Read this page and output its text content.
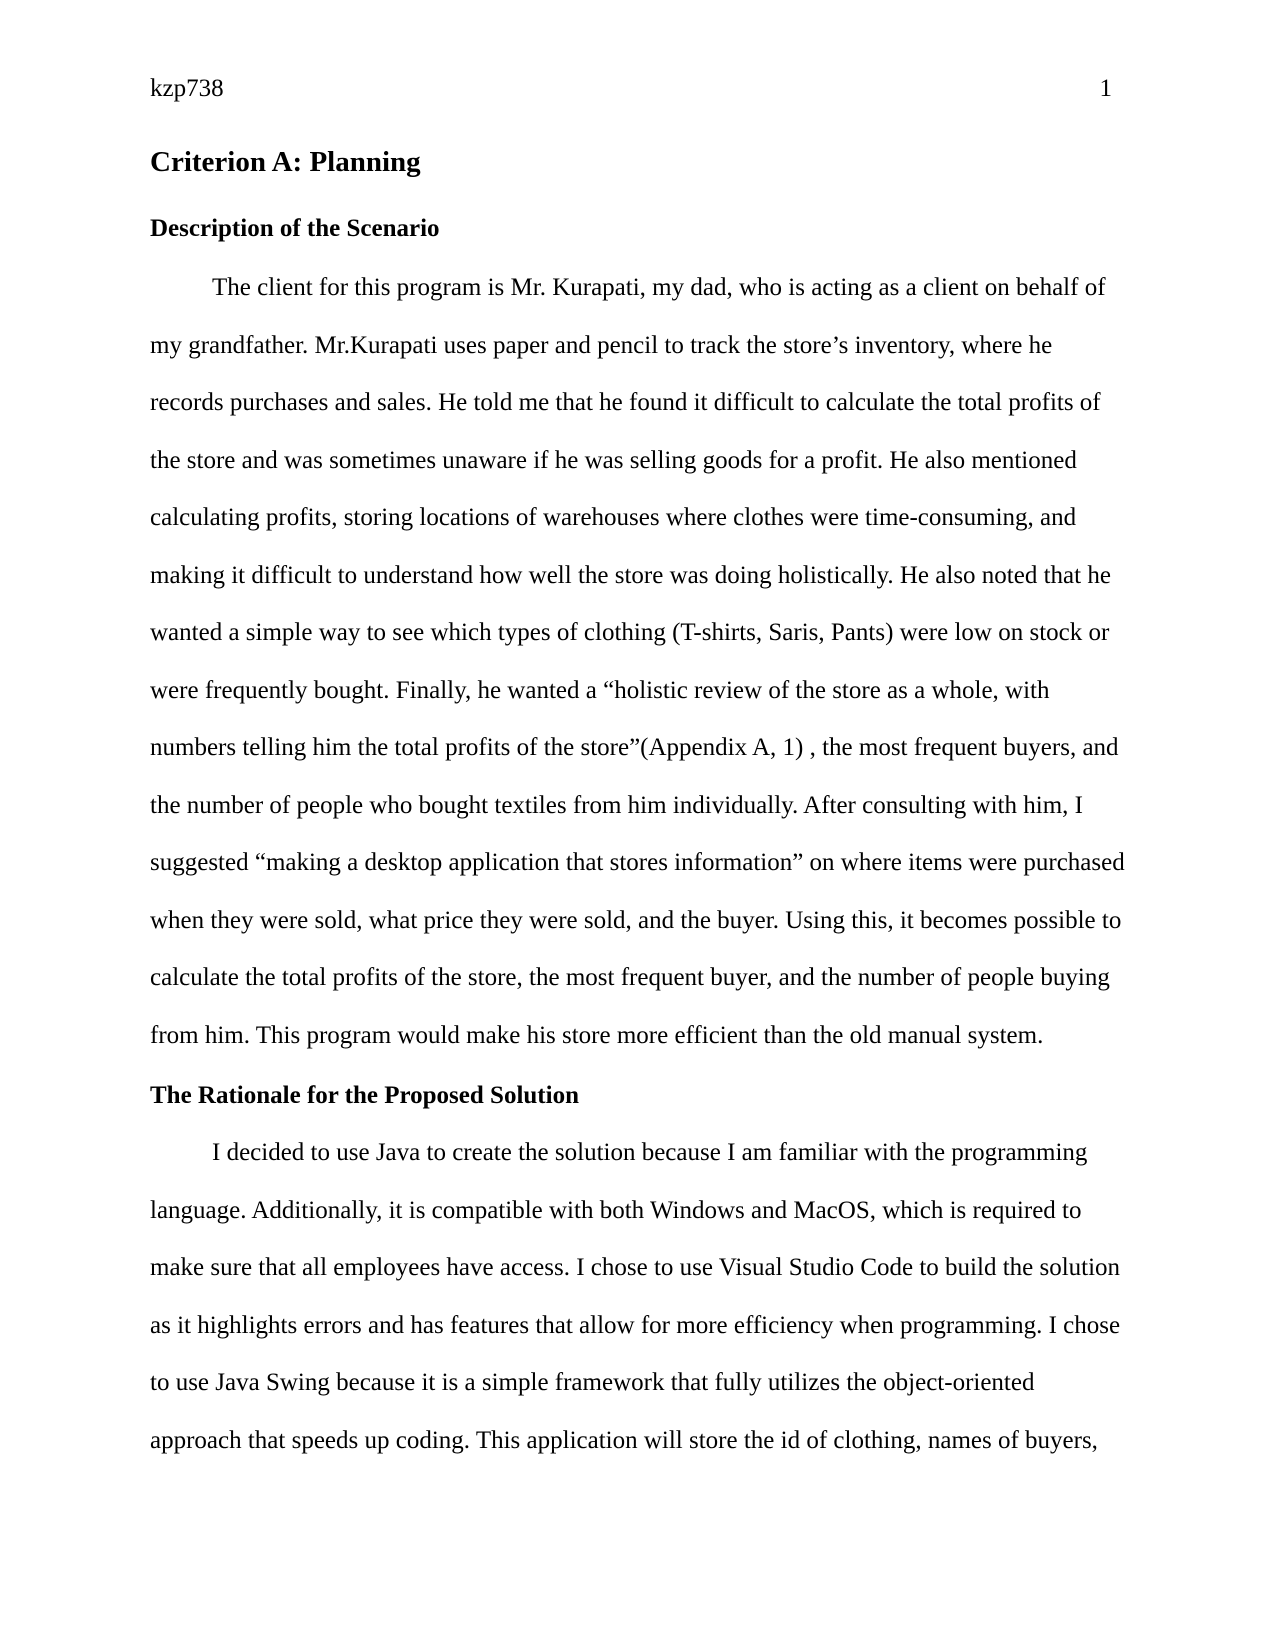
kzp738	1
Criterion A: Planning
Description of the Scenario
The client for this program is Mr. Kurapati, my dad, who is acting as a client on behalf of
my grandfather. Mr.Kurapati uses paper and pencil to track the store’s inventory, where he
records purchases and sales. He told me that he found it difficult to calculate the total profits of
the store and was sometimes unaware if he was selling goods for a profit. He also mentioned
calculating profits, storing locations of warehouses where clothes were time-consuming, and
making it difficult to understand how well the store was doing holistically. He also noted that he
wanted a simple way to see which types of clothing (T-shirts, Saris, Pants) were low on stock or
were frequently bought. Finally, he wanted a “holistic review of the store as a whole, with
numbers telling him the total profits of the store”(Appendix A, 1) , the most frequent buyers, and
the number of people who bought textiles from him individually. After consulting with him, I
suggested “making a desktop application that stores information” on where items were purchased
when they were sold, what price they were sold, and the buyer. Using this, it becomes possible to
calculate the total profits of the store, the most frequent buyer, and the number of people buying
from him. This program would make his store more efficient than the old manual system.
The Rationale for the Proposed Solution
I decided to use Java to create the solution because I am familiar with the programming
language. Additionally, it is compatible with both Windows and MacOS, which is required to
make sure that all employees have access. I chose to use Visual Studio Code to build the solution
as it highlights errors and has features that allow for more efficiency when programming. I chose
to use Java Swing because it is a simple framework that fully utilizes the object-oriented
approach that speeds up coding. This application will store the id of clothing, names of buyers,
